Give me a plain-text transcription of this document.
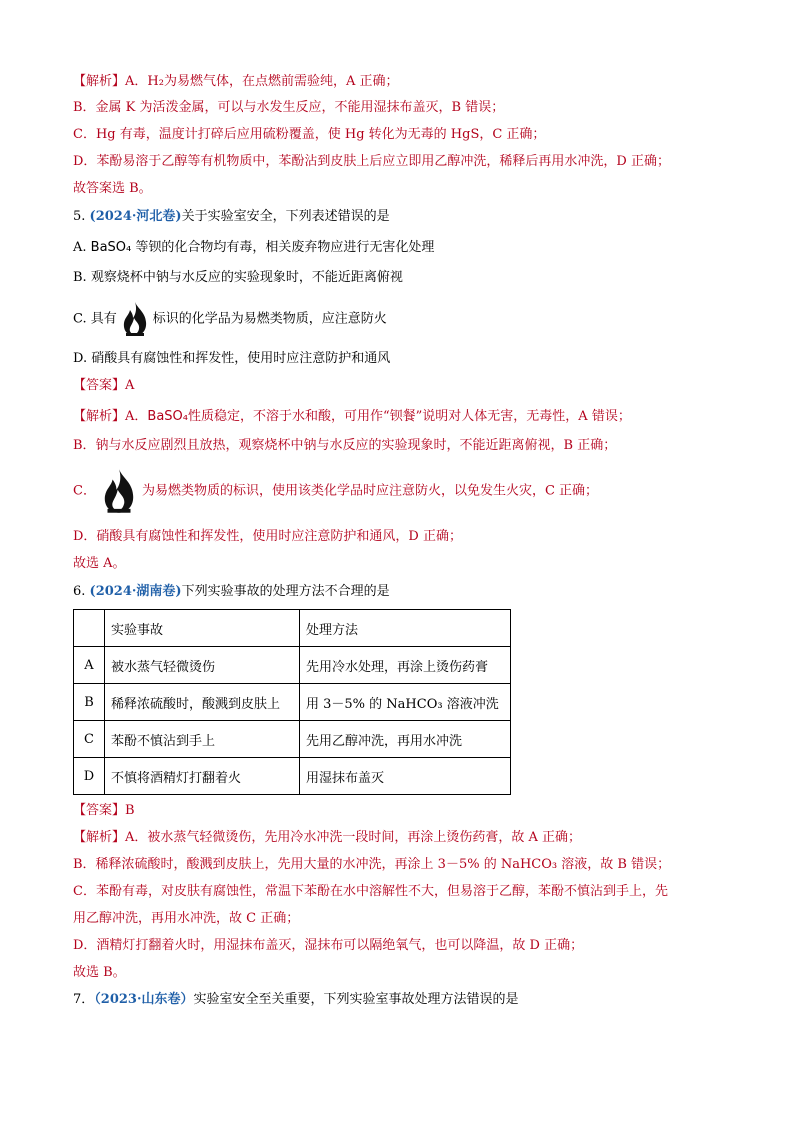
【解析】A．H₂为易燃气体，在点燃前需验纯，A 正确；
B．金属 K 为活泼金属，可以与水发生反应，不能用湿抹布盖灭，B 错误；
C．Hg 有毒，温度计打碎后应用硫粉覆盖，使 Hg 转化为无毒的 HgS，C 正确；
D．苯酚易溶于乙醇等有机物质中，苯酚沾到皮肤上后应立即用乙醇冲洗，稀释后再用水冲洗，D 正确；
故答案选 B。
5. (2024·河北卷)关于实验室安全，下列表述错误的是
A. BaSO₄ 等钡的化合物均有毒，相关废弃物应进行无害化处理
B. 观察烧杯中钠与水反应的实验现象时，不能近距离俯视
C. 具有	标识的化学品为易燃类物质，应注意防火
D. 硝酸具有腐蚀性和挥发性，使用时应注意防护和通风
【答案】A
【解析】A．BaSO₄性质稳定，不溶于水和酸，可用作“钡餐”说明对人体无害，无毒性，A 错误；
B．钠与水反应剧烈且放热，观察烧杯中钠与水反应的实验现象时，不能近距离俯视，B 正确；
C．	为易燃类物质的标识，使用该类化学品时应注意防火，以免发生火灾，C 正确；
D．硝酸具有腐蚀性和挥发性，使用时应注意防护和通风，D 正确；
故选 A。
6. (2024·湖南卷)下列实验事故的处理方法不合理的是
	实验事故	处理方法
A	被水蒸气轻微烫伤	先用冷水处理，再涂上烫伤药膏
B	稀释浓硫酸时，酸溅到皮肤上	用 3－5% 的 NaHCO₃ 溶液冲洗
C	苯酚不慎沾到手上	先用乙醇冲洗，再用水冲洗
D	不慎将酒精灯打翻着火	用湿抹布盖灭
【答案】B
【解析】A．被水蒸气轻微烫伤，先用冷水冲洗一段时间，再涂上烫伤药膏，故 A 正确；
B．稀释浓硫酸时，酸溅到皮肤上，先用大量的水冲洗，再涂上 3－5% 的 NaHCO₃ 溶液，故 B 错误；
C．苯酚有毒，对皮肤有腐蚀性，常温下苯酚在水中溶解性不大，但易溶于乙醇，苯酚不慎沾到手上，先
用乙醇冲洗，再用水冲洗，故 C 正确；
D．酒精灯打翻着火时，用湿抹布盖灭，湿抹布可以隔绝氧气，也可以降温，故 D 正确；
故选 B。
7．（2023·山东卷）实验室安全至关重要，下列实验室事故处理方法错误的是
